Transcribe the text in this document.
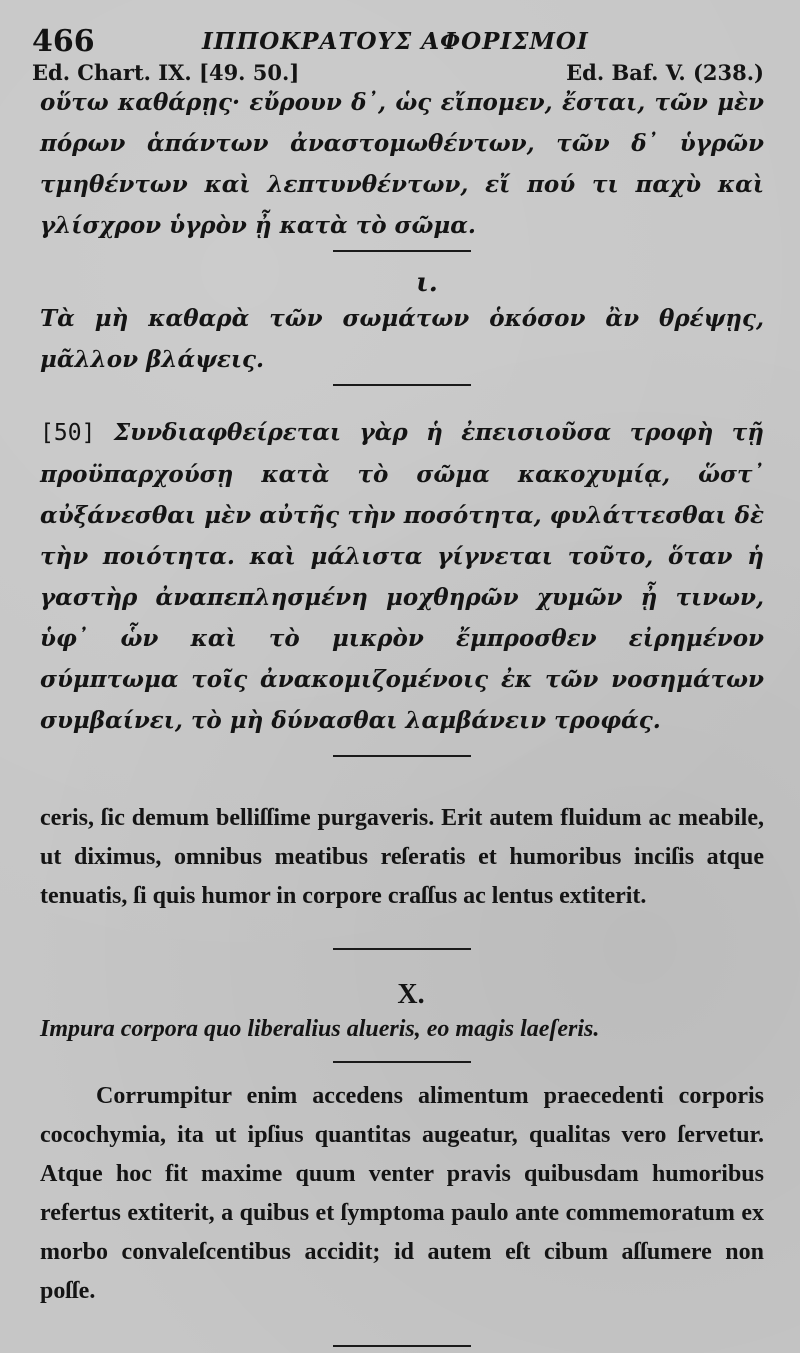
466	ΙΠΠΟΚΡΑΤΟΥΣ ΑΦΟΡΙΣΜΟΙ
Ed. Chart. IX. [49. 50.]	Ed. Baf. V. (238.)

οὕτω καθάρῃς· εὔρουν δ᾽, ὡς εἴπομεν, ἔσται, τῶν μὲν πόρων ἁπάντων ἀναστομωθέντων, τῶν δ᾽ ὑγρῶν τμηθέντων καὶ λεπτυνθέντων, εἴ πού τι παχὺ καὶ γλίσχρον ὑγρὸν ᾖ κατὰ τὸ σῶμα.

ι.

Τὰ μὴ καθαρὰ τῶν σωμάτων ὁκόσον ἂν θρέψῃς, μᾶλλον βλάψεις.

[50] Συνδιαφθείρεται γὰρ ἡ ἐπεισιοῦσα τροφὴ τῇ προϋπαρχούσῃ κατὰ τὸ σῶμα κακοχυμίᾳ, ὥστ᾽ αὐξάνεσθαι μὲν αὐτῆς τὴν ποσότητα, φυλάττεσθαι δὲ τὴν ποιότητα. καὶ μάλιστα γίγνεται τοῦτο, ὅταν ἡ γαστὴρ ἀναπεπλησμένη μοχθηρῶν χυμῶν ᾖ τινων, ὑφ᾽ ὧν καὶ τὸ μικρὸν ἔμπροσθεν εἰρημένον σύμπτωμα τοῖς ἀνακομιζομένοις ἐκ τῶν νοσημάτων συμβαίνει, τὸ μὴ δύνασθαι λαμβάνειν τροφάς.

ceris, ſic demum belliſſime purgaveris. Erit autem fluidum ac meabile, ut diximus, omnibus meatibus reſeratis et humoribus inciſis atque tenuatis, ſi quis humor in corpore craſſus ac lentus extiterit.

X.

Impura corpora quo liberalius alueris, eo magis laeſeris.

Corrumpitur enim accedens alimentum praecedenti corporis cocochymia, ita ut ipſius quantitas augeatur, qualitas vero ſervetur. Atque hoc fit maxime quum venter pravis quibusdam humoribus refertus extiterit, a quibus et ſymptoma paulo ante commemoratum ex morbo convaleſcentibus accidit; id autem eſt cibum aſſumere non poſſe.
